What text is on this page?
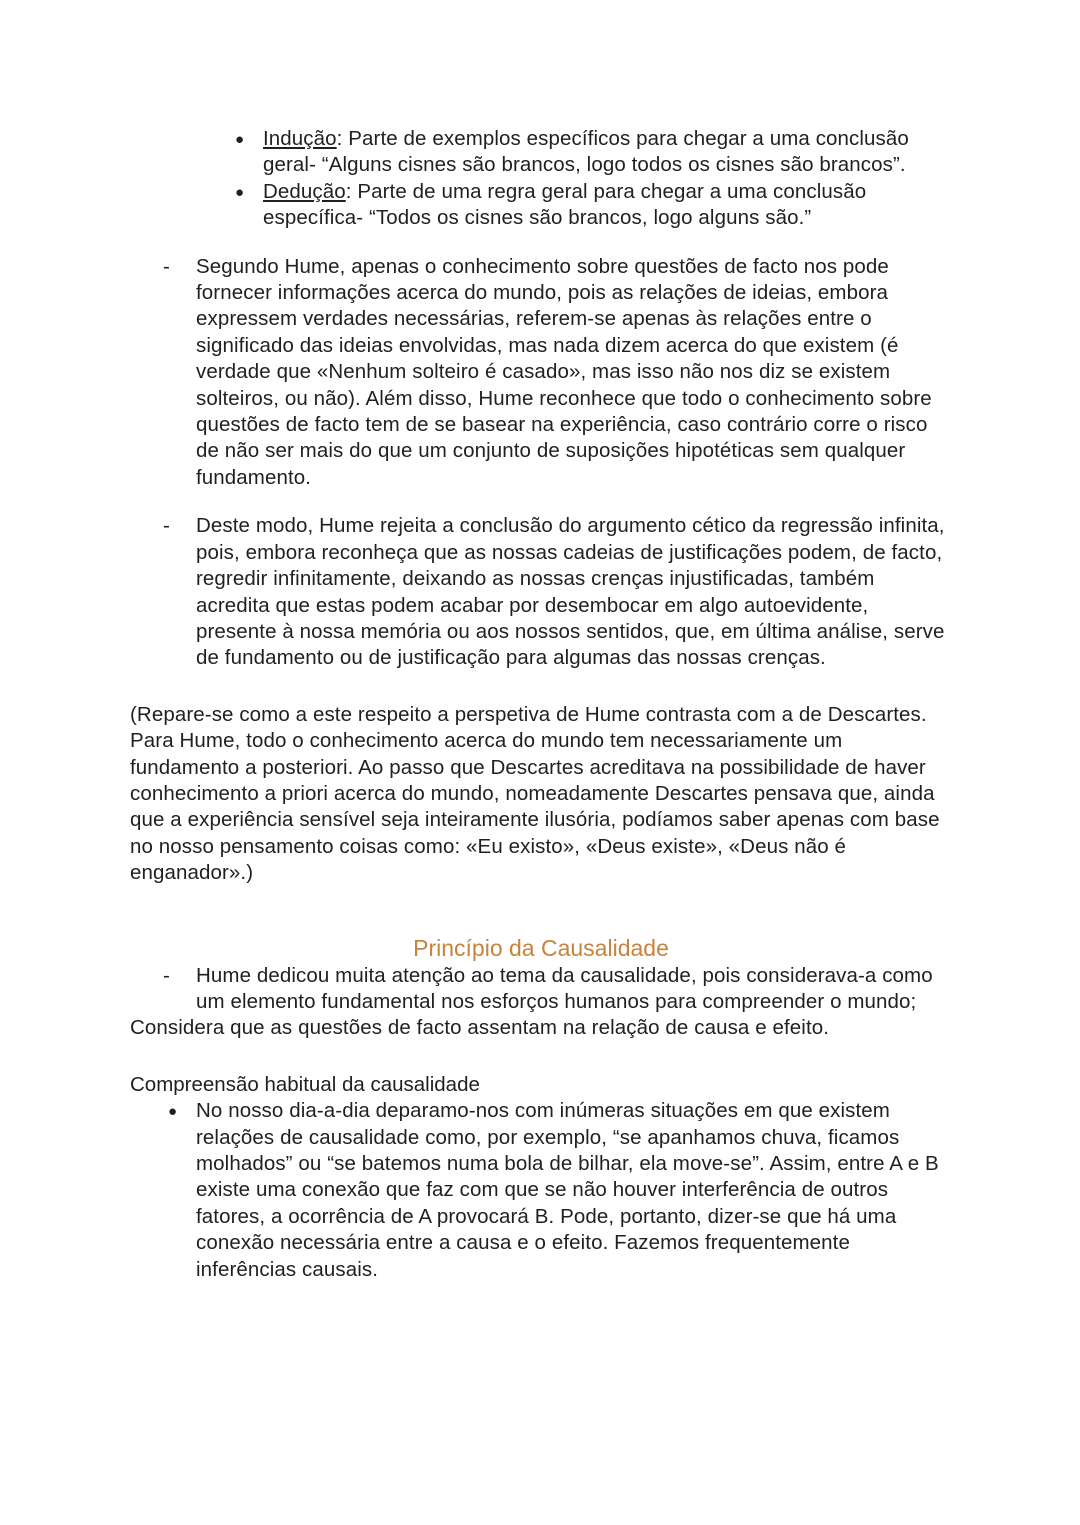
● Indução: Parte de exemplos específicos para chegar a uma conclusão geral- “Alguns cisnes são brancos, logo todos os cisnes são brancos”.
● Dedução: Parte de uma regra geral para chegar a uma conclusão específica- “Todos os cisnes são brancos, logo alguns são.”
- Segundo Hume, apenas o conhecimento sobre questões de facto nos pode fornecer informações acerca do mundo, pois as relações de ideias, embora expressem verdades necessárias, referem-se apenas às relações entre o significado das ideias envolvidas, mas nada dizem acerca do que existem (é verdade que «Nenhum solteiro é casado», mas isso não nos diz se existem solteiros, ou não). Além disso, Hume reconhece que todo o conhecimento sobre questões de facto tem de se basear na experiência, caso contrário corre o risco de não ser mais do que um conjunto de suposições hipotéticas sem qualquer fundamento.
- Deste modo, Hume rejeita a conclusão do argumento cético da regressão infinita, pois, embora reconheça que as nossas cadeias de justificações podem, de facto, regredir infinitamente, deixando as nossas crenças injustificadas, também acredita que estas podem acabar por desembocar em algo autoevidente, presente à nossa memória ou aos nossos sentidos, que, em última análise, serve de fundamento ou de justificação para algumas das nossas crenças.

(Repare-se como a este respeito a perspetiva de Hume contrasta com a de Descartes. Para Hume, todo o conhecimento acerca do mundo tem necessariamente um fundamento a posteriori. Ao passo que Descartes acreditava na possibilidade de haver conhecimento a priori acerca do mundo, nomeadamente Descartes pensava que, ainda que a experiência sensível seja inteiramente ilusória, podíamos saber apenas com base no nosso pensamento coisas como: «Eu existo», «Deus existe», «Deus não é enganador».)

Princípio da Causalidade
- Hume dedicou muita atenção ao tema da causalidade, pois considerava-a como um elemento fundamental nos esforços humanos para compreender o mundo;

Considera que as questões de facto assentam na relação de causa e efeito.

Compreensão habitual da causalidade
● No nosso dia-a-dia deparamo-nos com inúmeras situações em que existem relações de causalidade como, por exemplo, “se apanhamos chuva, ficamos molhados” ou “se batemos numa bola de bilhar, ela move-se”. Assim, entre A e B existe uma conexão que faz com que se não houver interferência de outros fatores, a ocorrência de A provocará B. Pode, portanto, dizer-se que há uma conexão necessária entre a causa e o efeito. Fazemos frequentemente inferências causais.
